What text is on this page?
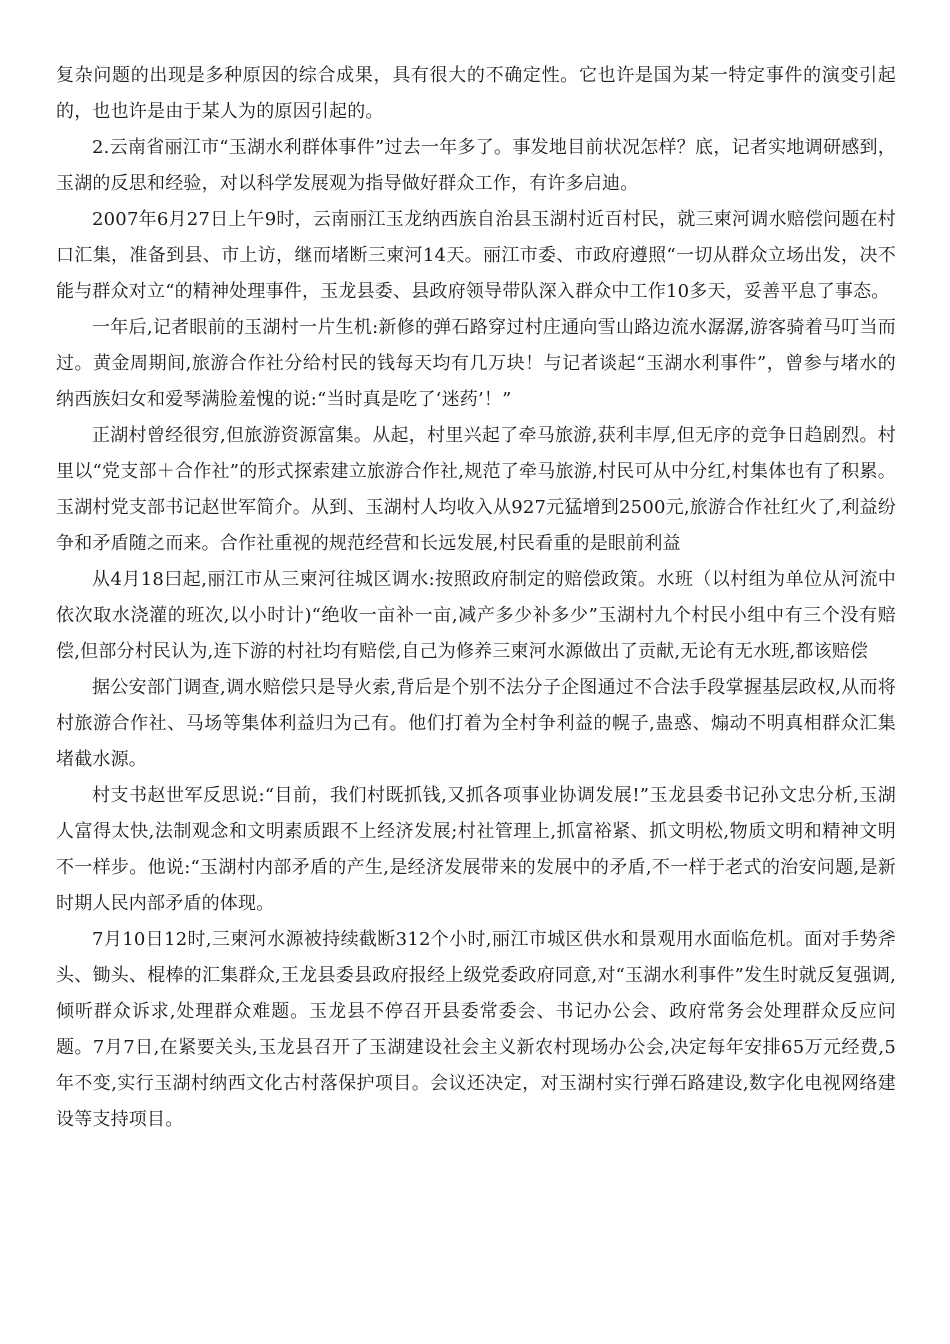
复杂问题的出现是多种原因的综合成果，具有很大的不确定性。它也许是国为某一特定事件的演变引起的，也也许是由于某人为的原因引起的。

2.云南省丽江市“玉湖水利群体事件”过去一年多了。事发地目前状况怎样？底，记者实地调研感到，玉湖的反思和经验，对以科学发展观为指导做好群众工作，有许多启迪。

2007年6月27日上午9时，云南丽江玉龙纳西族自治县玉湖村近百村民，就三柬河调水赔偿问题在村口汇集，准备到县、市上访，继而堵断三柬河14天。丽江市委、市政府遵照“一切从群众立场出发，决不能与群众对立“的精神处理事件，玉龙县委、县政府领导带队深入群众中工作10多天，妥善平息了事态。

一年后,记者眼前的玉湖村一片生机:新修的弹石路穿过村庄通向雪山路边流水潺潺,游客骑着马叮当而过。黄金周期间,旅游合作社分给村民的钱每天均有几万块！与记者谈起“玉湖水利事件”，曾参与堵水的纳西族妇女和爱琴满脸羞愧的说:“当时真是吃了‘迷药’！”

正湖村曾经很穷,但旅游资源富集。从起，村里兴起了牵马旅游,获利丰厚,但无序的竞争日趋剧烈。村里以“党支部＋合作社”的形式探索建立旅游合作社,规范了牵马旅游,村民可从中分红,村集体也有了积累。玉湖村党支部书记赵世军简介。从到、玉湖村人均收入从927元猛增到2500元,旅游合作社红火了,利益纷争和矛盾随之而来。合作社重视的规范经营和长远发展,村民看重的是眼前利益

从4月18曰起,丽江市从三柬河往城区调水:按照政府制定的赔偿政策。水班（以村组为单位从河流中依次取水浇灌的班次,以小时计)“绝收一亩补一亩,减产多少补多少”玉湖村九个村民小组中有三个没有赔偿,但部分村民认为,连下游的村社均有赔偿,自己为修养三柬河水源做出了贡献,无论有无水班,都该赔偿

据公安部门调查,调水赔偿只是导火索,背后是个别不法分子企图通过不合法手段掌握基层政权,从而将村旅游合作社、马场等集体利益归为己有。他们打着为全村争利益的幌子,蛊惑、煽动不明真相群众汇集堵截水源。

村支书赵世军反思说:“目前，我们村既抓钱,又抓各项事业协调发展!”玉龙县委书记孙文忠分析,玉湖人富得太快,法制观念和文明素质跟不上经济发展;村社管理上,抓富裕紧、抓文明松,物质文明和精神文明不一样步。他说:“玉湖村内部矛盾的产生,是经济发展带来的发展中的矛盾,不一样于老式的治安问题,是新时期人民内部矛盾的体现。

7月10日12时,三柬河水源被持续截断312个小时,丽江市城区供水和景观用水面临危机。面对手势斧头、锄头、棍棒的汇集群众,王龙县委县政府报经上级党委政府同意,对“玉湖水利事件”发生时就反复强调,倾听群众诉求,处理群众难题。玉龙县不停召开县委常委会、书记办公会、政府常务会处理群众反应问题。7月7日,在紧要关头,玉龙县召开了玉湖建设社会主义新农村现场办公会,决定每年安排65万元经费,5年不变,实行玉湖村纳西文化古村落保护项目。会议还决定，对玉湖村实行弹石路建设,数字化电视网络建设等支持项目。
